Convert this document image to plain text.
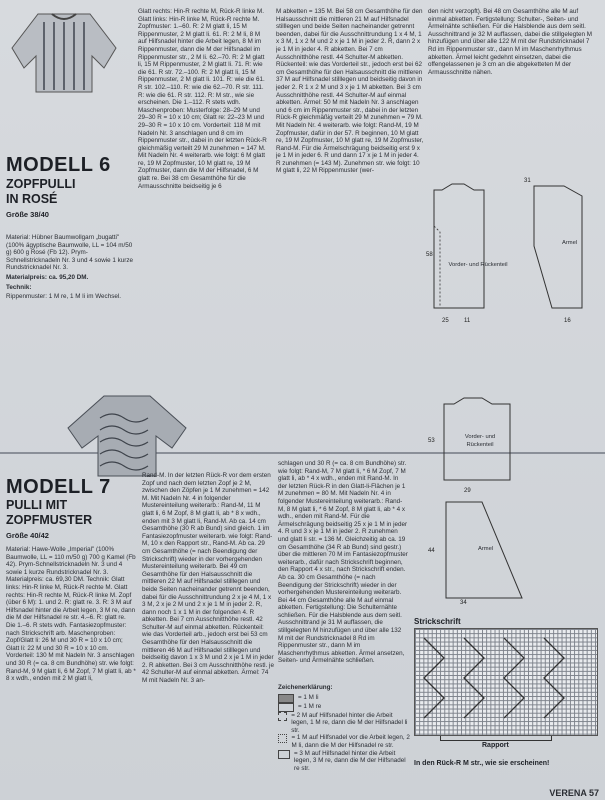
MODELL 6
ZOPFPULLI
IN ROSÉ
Größe 38/40

Material: Hübner Baumwollgarn „bugatti" (100% ägyptische Baumwolle, LL = 104 m/50 g) 600 g Rosé (Fb 12). Prym-Schnellstricknadeln Nr. 3 und 4 sowie 1 kurze Rundstricknadel Nr. 3.

Materialpreis: ca. 95,20 DM.

Technik:

Rippenmuster: 1 M re, 1 M li im Wechsel.

Glatt rechts: Hin-R rechte M, Rück-R linke M. Glatt links: Hin-R linke M, Rück-R rechte M. Zopfmuster: 1.–60. R: 2 M glatt li, 15 M Rippenmuster, 2 M glatt li. 61. R: 2 M li, 8 M auf Hilfsnadel hinter die Arbeit legen, 8 M im Rippenmuster, dann die M der Hilfsnadel im Rippenmuster str., 2 M li. 62.–70. R: 2 M glatt li, 15 M Rippenmuster, 2 M glatt li. 71. R: wie die 61. R str. 72.–100. R: 2 M glatt li, 15 M Rippenmuster, 2 M glatt li. 101. R: wie die 61. R str. 102.–110. R: wie die 62.–70. R str. 111. R: wie die 61. R str. 112. R: M str., wie sie erscheinen. Die 1.–112. R stets wdh. Maschenproben: Musterfolge: 28–29 M und 29–30 R = 10 x 10 cm; Glatt re: 22–23 M und 29–30 R = 10 x 10 cm. Vorderteil: 118 M mit Nadeln Nr. 3 anschlagen und 8 cm im Rippenmuster str., dabei in der letzten Rück-R gleichmäßig verteilt 29 M zunehmen = 147 M. Mit Nadeln Nr. 4 weiterarb. wie folgt: 6 M glatt re, 19 M Zopfmuster, 10 M glatt re, 19 M Zopfmuster, dann die M der Hilfsnadel, 6 M glatt re. Bei 38 cm Gesamthöhe für die Armausschnitte beidseitig je 6

M abketten = 135 M. Bei 58 cm Gesamthöhe für den Halsausschnitt die mittleren 21 M auf Hilfsnadel stilllegen und beide Seiten nacheinander getrennt beenden, dabei für die Ausschnittrundung 1 x 4 M, 1 x 3 M, 1 x 2 M und 2 x je 1 M in jeder 2. R, dann 2 x je 1 M in jeder 4. R abketten. Bei 7 cm Ausschnitthöhe restl. 44 Schulter-M abketten. Rückenteil: wie das Vorderteil str., jedoch erst bei 62 cm Gesamthöhe für den Halsausschnitt die mittleren 37 M auf Hilfsnadel stilllegen und beidseitig davon in jeder 2. R 1 x 2 M und 3 x je 1 M abketten. Bei 3 cm Ausschnitthöhe restl. 44 Schulter-M auf einmal abketten. Ärmel: 50 M mit Nadeln Nr. 3 anschlagen und 6 cm im Rippenmuster str., dabei in der letzten Rück-R gleichmäßig verteilt 29 M zunehmen = 79 M. Mit Nadeln Nr. 4 weiterarb. wie folgt: Rand-M, 19 M Zopfmuster, dafür in der 57. R beginnen, 10 M glatt re, 19 M Zopfmuster, 10 M glatt re, 19 M Zopfmuster, Rand-M. Für die Ärmelschrägung beidseitig erst 9 x je 1 M in jeder 6. R und dann 17 x je 1 M in jeder 4. R zunehmen (= 143 M). Zunehmen str. wie folgt: 10 M glatt li, 22 M Rippenmuster (wer-

den nicht verzopft). Bei 48 cm Gesamthöhe alle M auf einmal abketten. Fertigstellung: Schulter-, Seiten- und Ärmelnähte schließen. Für die Halsblende aus dem seitl. Ausschnittrand je 32 M auffassen, dabei die stillgelegten M hinzufügen und über alle 122 M mit der Rundstricknadel 7 Rd im Rippenmuster str., dann M im Maschenrhythmus abketten. Ärmel leicht gedehnt einsetzen, dabei die offengelassenen je 3 cm an die abgeketteten M der Armausschnitte nähen.

58
25	11
31
16
Vorder- und Rückenteil
Ärmel
MODELL 7
PULLI MIT
ZOPFMUSTER
Größe 40/42

Material: Hawe-Wolle „Imperial" (100% Baumwolle, LL = 110 m/50 g) 700 g Kamel (Fb 42). Prym-Schnellstricknadeln Nr. 3 und 4 sowie 1 kurze Rundstricknadel Nr. 3. Materialpreis: ca. 69,30 DM. Technik: Glatt links: Hin-R linke M, Rück-R rechte M. Glatt rechts: Hin-R rechte M, Rück-R linke M. Zopf (über 6 M): 1. und 2. R: glatt re. 3. R: 3 M auf Hilfsnadel hinter die Arbeit legen, 3 M re, dann die M der Hilfsnadel re str. 4.–6. R: glatt re. Die 1.–6. R stets wdh. Fantasiezopfmuster: nach Strickschrift arb. Maschenproben: Zopf/Glatt li: 26 M und 30 R = 10 x 10 cm; Glatt li: 22 M und 30 R = 10 x 10 cm. Vorderteil: 130 M mit Nadeln Nr. 3 anschlagen und 30 R (= ca. 8 cm Bundhöhe) str. wie folgt: Rand-M, 9 M glatt li, 6 M Zopf, 7 M glatt li, ab * 8 x wdh., enden mit 2 M glatt li,

Rand-M. In der letzten Rück-R vor dem ersten Zopf und nach dem letzten Zopf je 2 M, zwischen den Zöpfen je 1 M zunehmen = 142 M. Mit Nadeln Nr. 4 in folgender Mustereinteilung weiterarb.: Rand-M, 11 M glatt li, 6 M Zopf, 8 M glatt li, ab * 8 x wdh., enden mit 3 M glatt li, Rand-M. Ab ca. 14 cm Gesamthöhe (30 R ab Bund) sind gleich. 1 im Fantasiezopfmuster weiterarb. wie folgt: Rand-M, 10 x den Rapport str., Rand-M. Ab ca. 29 cm Gesamthöhe (= nach Beendigung der Strickschrift) wieder in der vorhergehenden Mustereinteilung weiterarb. Bei 49 cm Gesamthöhe für den Halsausschnitt die mittleren 22 M auf Hilfsnadel stilllegen und beide Seiten nacheinander getrennt beenden, dabei für die Ausschnittrundung 2 x je 4 M, 1 x 3 M, 2 x je 2 M und 2 x je 1 M in jeder 2. R, dann noch 1 x 1 M in der folgenden 4. R abketten. Bei 7 cm Ausschnitthöhe restl. 42 Schulter-M auf einmal abketten. Rückenteil: wie das Vorderteil arb., jedoch erst bei 53 cm Gesamthöhe für den Halsausschnitt die mittleren 46 M auf Hilfsnadel stilllegen und beidseitig davon 1 x 3 M und 2 x je 1 M in jeder 2. R abketten. Bei 3 cm Ausschnitthöhe restl. je 42 Schulter-M auf einmal abketten. Ärmel: 74 M mit Nadeln Nr. 3 an-

schlagen und 30 R (= ca. 8 cm Bundhöhe) str. wie folgt: Rand-M, 7 M glatt li, * 6 M Zopf, 7 M glatt li, ab * 4 x wdh., enden mit Rand-M. In der letzten Rück-R in den Glatt-li-Flächen je 1 M zunehmen = 80 M. Mit Nadeln Nr. 4 in folgender Mustereinteilung weiterarb.: Rand-M, 8 M glatt li, * 6 M Zopf, 8 M glatt li, ab * 4 x wdh., enden mit Rand-M. Für die Ärmelschrägung beidseitig 25 x je 1 M in jeder 4. R und 3 x je 1 M in jeder 2. R zunehmen und glatt li str. = 136 M. Gleichzeitig ab ca. 19 cm Gesamthöhe (34 R ab Bund) sind gestr.) über die mittleren 70 M im Fantasiezopfmuster weiterarb., dafür nach Strickschrift beginnen, den Rapport 4 x str., nach Strickschrift enden. Ab ca. 30 cm Gesamthöhe (= nach Beendigung der Strickschrift) wieder in der vorhergehenden Mustereinteilung weiterarb. Bei 44 cm Gesamthöhe alle M auf einmal abketten. Fertigstellung: Die Schulternähte schließen. Für die Halsblende aus dem seitl. Ausschnittrand je 31 M auffassen, die stillgelegten M hinzufügen und über alle 132 M mit der Rundstricknadel 8 Rd im Rippenmuster str., dann M im Maschenrhythmus abketten. Ärmel ansetzen, Seiten- und Ärmelnähte schließen.

Zeichenerklärung:

= 1 M li
= 1 M re
= 2 M auf Hilfsnadel hinter die Arbeit legen, 1 M re, dann die M der Hilfsnadel li str.
= 1 M auf Hilfsnadel vor die Arbeit legen, 2 M li, dann die M der Hilfsnadel re str.
= 3 M auf Hilfsnadel hinter die Arbeit legen, 3 M re, dann die M der Hilfsnadel re str.
53
29
44
34
Vorder- und Rückenteil
Ärmel
Strickschrift
Rapport
In den Rück-R M str., wie sie erscheinen!
VERENA 57
